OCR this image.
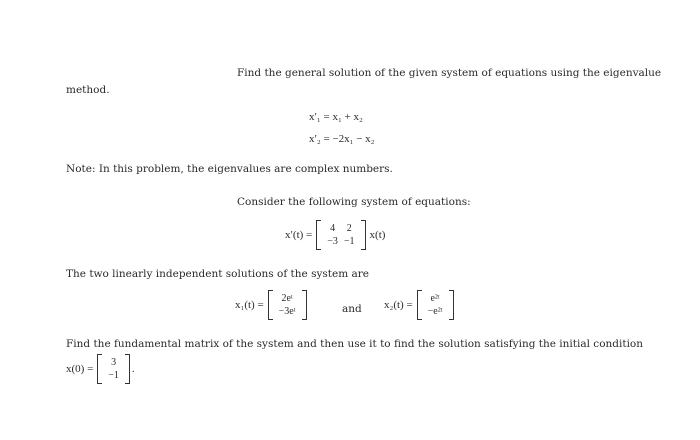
Find the general solution of the given system of equations using the eigenvalue
method.
x′₁ = x₁ + x₂
x′₂ = −2x₁ − x₂
Note: In this problem, the eigenvalues are complex numbers.
Consider the following system of equations:
x′(t) =
4	2
−3 −1
x(t)
The two linearly independent solutions of the system are
x₁(t) =
2eᵗ
−3eᵗ	and x₂(t) =
e²ᵗ
−e²ᵗ
Find the fundamental matrix of the system and then use it to find the solution satisfying the initial condition
x(0) =
3
−1
.
